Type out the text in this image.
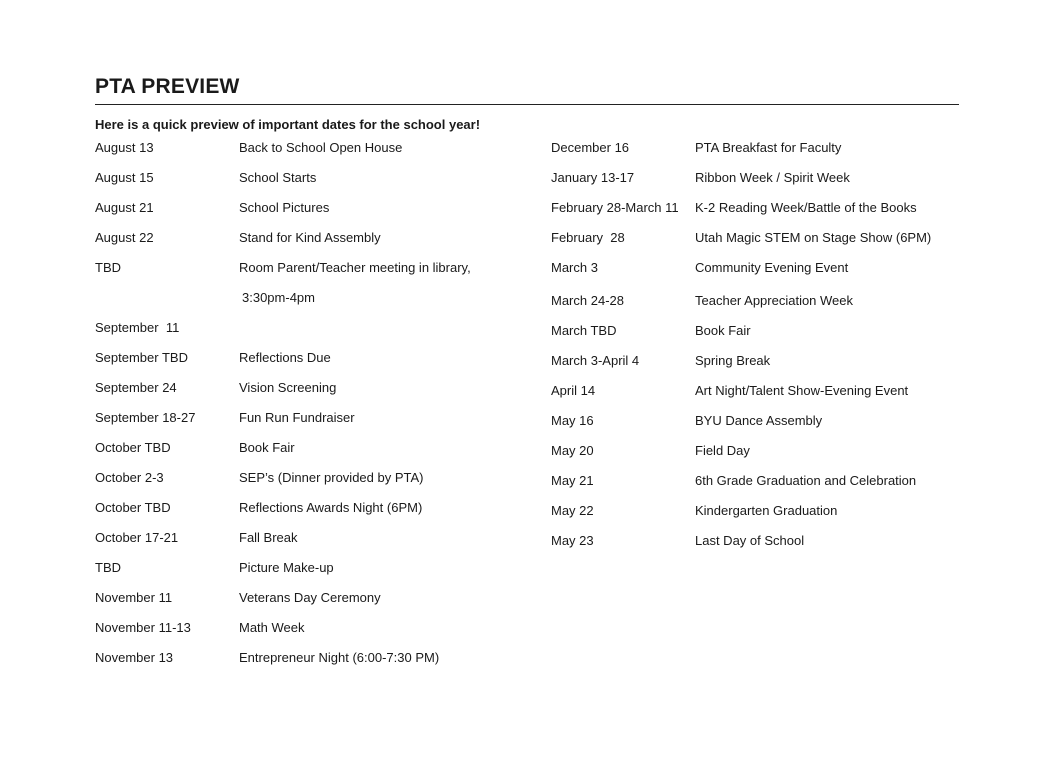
PTA PREVIEW
Here is a quick preview of important dates for the school year!
August 13	Back to School Open House
August 15	School Starts
August 21	School Pictures
August 22	Stand for Kind Assembly
TBD	Room Parent/Teacher meeting in library,
3:30pm-4pm
September  11
September TBD	Reflections Due
September 24	Vision Screening
September 18-27	Fun Run Fundraiser
October TBD	Book Fair
October 2-3	SEP’s (Dinner provided by PTA)
October TBD	Reflections Awards Night (6PM)
October 17-21	Fall Break
TBD	Picture Make-up
November 11	Veterans Day Ceremony
November 11-13	Math Week
November 13	Entrepreneur Night (6:00-7:30 PM)
December 16	PTA Breakfast for Faculty
January 13-17	Ribbon Week / Spirit Week
February 28-March 11	K-2 Reading Week/Battle of the Books
February  28	Utah Magic STEM on Stage Show (6PM)
March 3	Community Evening Event
March 24-28	Teacher Appreciation Week
March TBD	Book Fair
March 3-April 4	Spring Break
April 14	Art Night/Talent Show-Evening Event
May 16	BYU Dance Assembly
May 20	Field Day
May 21	6th Grade Graduation and Celebration
May 22	Kindergarten Graduation
May 23	Last Day of School
